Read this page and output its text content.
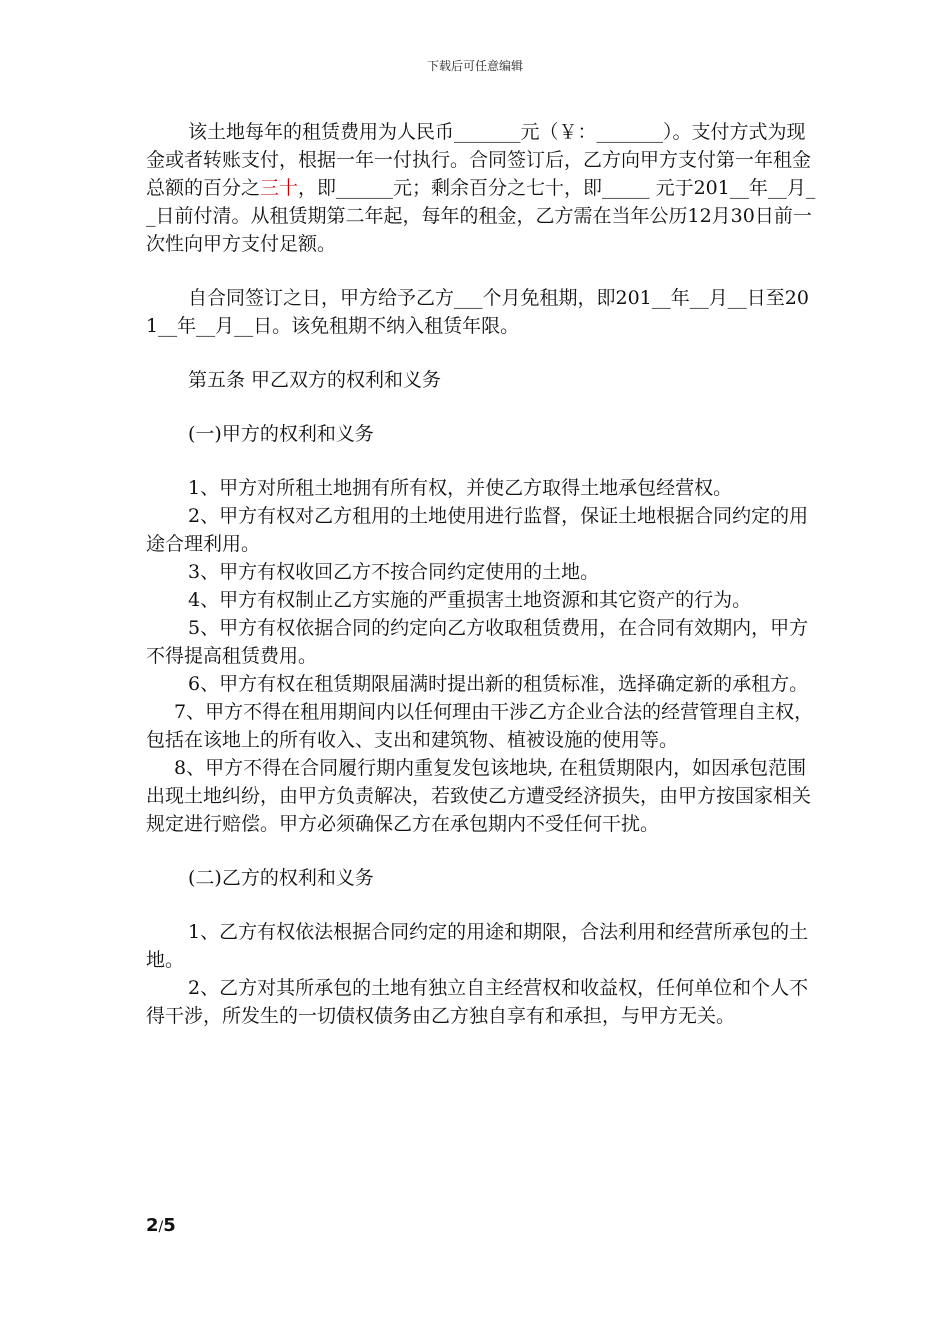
下载后可任意编辑

该土地每年的租赁费用为人民币_______元（￥：_______）。支付方式为现金或者转账支付，根据一年一付执行。合同签订后，乙方向甲方支付第一年租金总额的百分之三十，即______元；剩余百分之七十，即_____ 元于201__年__月__日前付清。从租赁期第二年起，每年的租金，乙方需在当年公历12月30日前一次性向甲方支付足额。

自合同签订之日，甲方给予乙方___个月免租期，即201__年__月__日至201__年__月__日。该免租期不纳入租赁年限。

第五条 甲乙双方的权利和义务

(一)甲方的权利和义务

1、甲方对所租土地拥有所有权，并使乙方取得土地承包经营权。

2、甲方有权对乙方租用的土地使用进行监督，保证土地根据合同约定的用途合理利用。

3、甲方有权收回乙方不按合同约定使用的土地。

4、甲方有权制止乙方实施的严重损害土地资源和其它资产的行为。

5、甲方有权依据合同的约定向乙方收取租赁费用，在合同有效期内，甲方不得提高租赁费用。

6、甲方有权在租赁期限届满时提出新的租赁标准，选择确定新的承租方。

7、甲方不得在租用期间内以任何理由干涉乙方企业合法的经营管理自主权，包括在该地上的所有收入、支出和建筑物、植被设施的使用等。

8、甲方不得在合同履行期内重复发包该地块, 在租赁期限内，如因承包范围出现土地纠纷，由甲方负责解决，若致使乙方遭受经济损失，由甲方按国家相关规定进行赔偿。甲方必须确保乙方在承包期内不受任何干扰。

(二)乙方的权利和义务

1、乙方有权依法根据合同约定的用途和期限，合法利用和经营所承包的土地。

2、乙方对其所承包的土地有独立自主经营权和收益权，任何单位和个人不得干涉，所发生的一切债权债务由乙方独自享有和承担，与甲方无关。

2/5
